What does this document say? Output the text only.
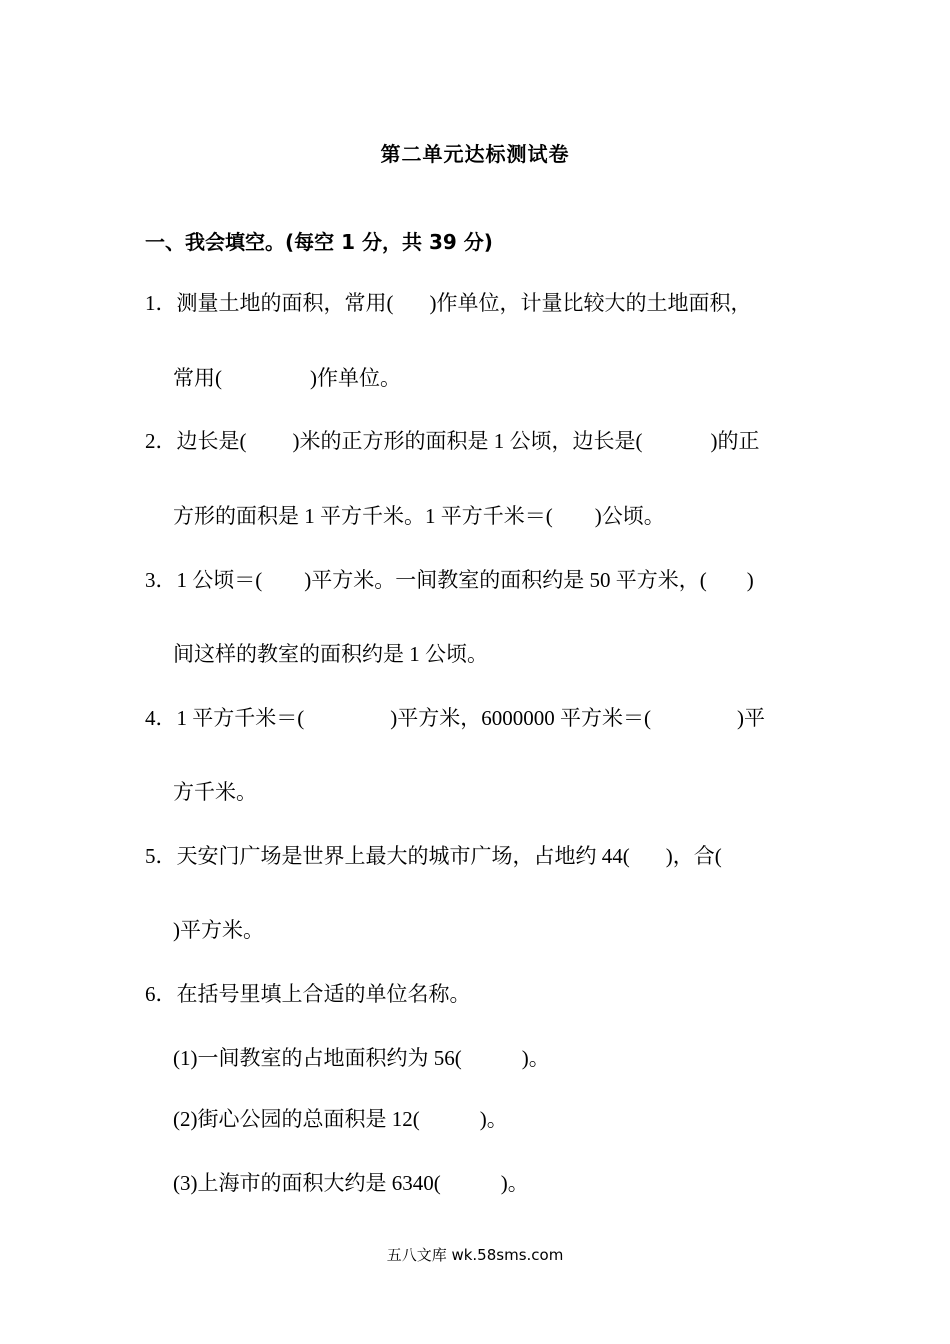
第二单元达标测试卷
一、我会填空。(每空 1 分，共 39 分)
1．测量土地的面积，常用( )作单位，计量比较大的土地面积，
常用(	)作单位。
2．边长是( )米的正方形的面积是 1 公顷，边长是(	)的正
方形的面积是 1 平方千米。1 平方千米＝( )公顷。
3．1 公顷＝( )平方米。一间教室的面积约是 50 平方米，( )
间这样的教室的面积约是 1 公顷。
4．1 平方千米＝(	)平方米，6000000 平方米＝(	)平
方千米。
5．天安门广场是世界上最大的城市广场，占地约 44( )，合(
)平方米。
6．在括号里填上合适的单位名称。
(1)一间教室的占地面积约为 56(	)。
(2)街心公园的总面积是 12(	)。
(3)上海市的面积大约是 6340(	)。
五八文库 wk.58sms.com
